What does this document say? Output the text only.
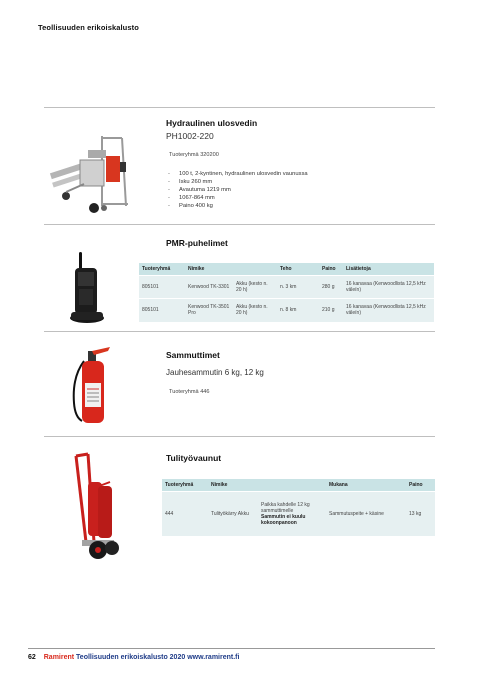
Teollisuuden erikoiskalusto
Hydraulinen ulosvedin
PH1002-220
Tuoteryhmä 320200
- 100 t, 2-kyntinen, hydraulinen ulosvedin vaunussa
- Isku 260 mm
- Avautuma 1219 mm
- 1067-864 mm
- Paino 400 kg
PMR-puhelimet
Tuoteryhmä	Nimike		Teho	Paino	Lisätietoja
805101	Kenwood TK-3301	Akku (kesto n. 20 h)	n. 3 km	280 g	16 kanavaa (Kenwoodlista 12,5 kHz väleín)
805101	Kenwood TK-3501 Pro	Akku (kesto n. 20 h)	n. 8 km	210 g	16 kanavaa (Kenwoodlista 12,5 kHz väleín)
Sammuttimet
Jauhesammutin 6 kg, 12 kg
Tuoteryhmä 446
Tulityövaunut
Tuoteryhmä	Nimike		Mukana	Paino
444	Tulityökärry Akku	Paikka kahdelle 12 kg sammuttimelle
Sammutin ei kuulu kokoonpanoon	Sammutuspeite + käsine	13 kg
62 Ramirent Teollisuuden erikoiskalusto 2020 www.ramirent.fi
